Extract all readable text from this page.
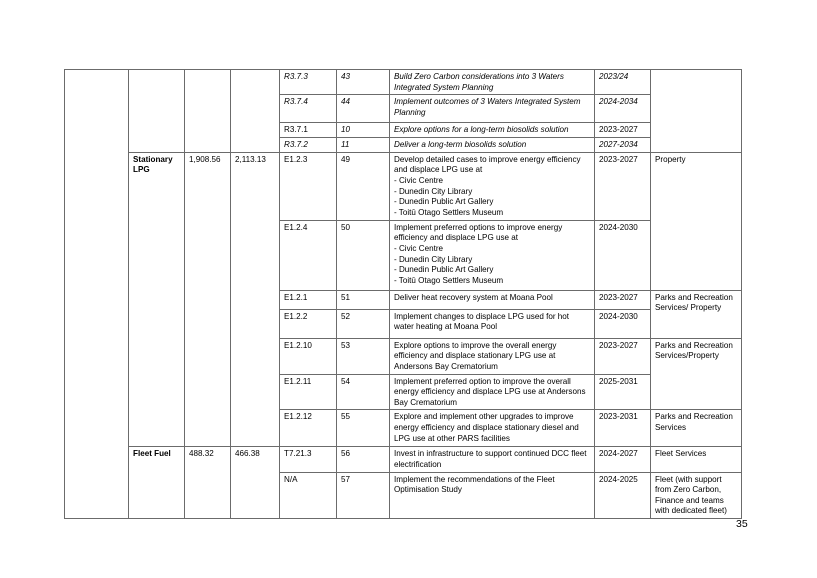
				R3.7.3	43	Build Zero Carbon considerations into 3 Waters Integrated System Planning	2023/24	
				R3.7.4	44	Implement outcomes of 3 Waters Integrated System Planning	2024-2034	
				R3.7.1	10	Explore options for a long-term biosolids solution	2023-2027	
				R3.7.2	11	Deliver a long-term biosolids solution	2027-2034	
	Stationary LPG	1,908.56	2,113.13	E1.2.3	49	Develop detailed cases to improve energy efficiency and displace LPG use at
- Civic Centre
- Dunedin City Library
- Dunedin Public Art Gallery
- Toitū Otago Settlers Museum	2023-2027	Property
				E1.2.4	50	Implement preferred options to improve energy efficiency and displace LPG use at
- Civic Centre
- Dunedin City Library
- Dunedin Public Art Gallery
- Toitū Otago Settlers Museum	2024-2030	
				E1.2.1	51	Deliver heat recovery system at Moana Pool	2023-2027	Parks and Recreation Services/ Property
				E1.2.2	52	Implement changes to displace LPG used for hot water heating at Moana Pool	2024-2030	
				E1.2.10	53	Explore options to improve the overall energy efficiency and displace stationary LPG use at Andersons Bay Crematorium	2023-2027	Parks and Recreation Services/Property
				E1.2.11	54	Implement preferred option to improve the overall energy efficiency and displace LPG use at Andersons Bay Crematorium	2025-2031	
				E1.2.12	55	Explore and implement other upgrades to improve energy efficiency and displace stationary diesel and LPG use at other PARS facilities	2023-2031	Parks and Recreation Services
	Fleet Fuel	488.32	466.38	T7.21.3	56	Invest in infrastructure to support continued DCC fleet electrification	2024-2027	Fleet Services
				N/A	57	Implement the recommendations of the Fleet Optimisation Study	2024-2025	Fleet (with support from Zero Carbon, Finance and teams with dedicated fleet)
35
